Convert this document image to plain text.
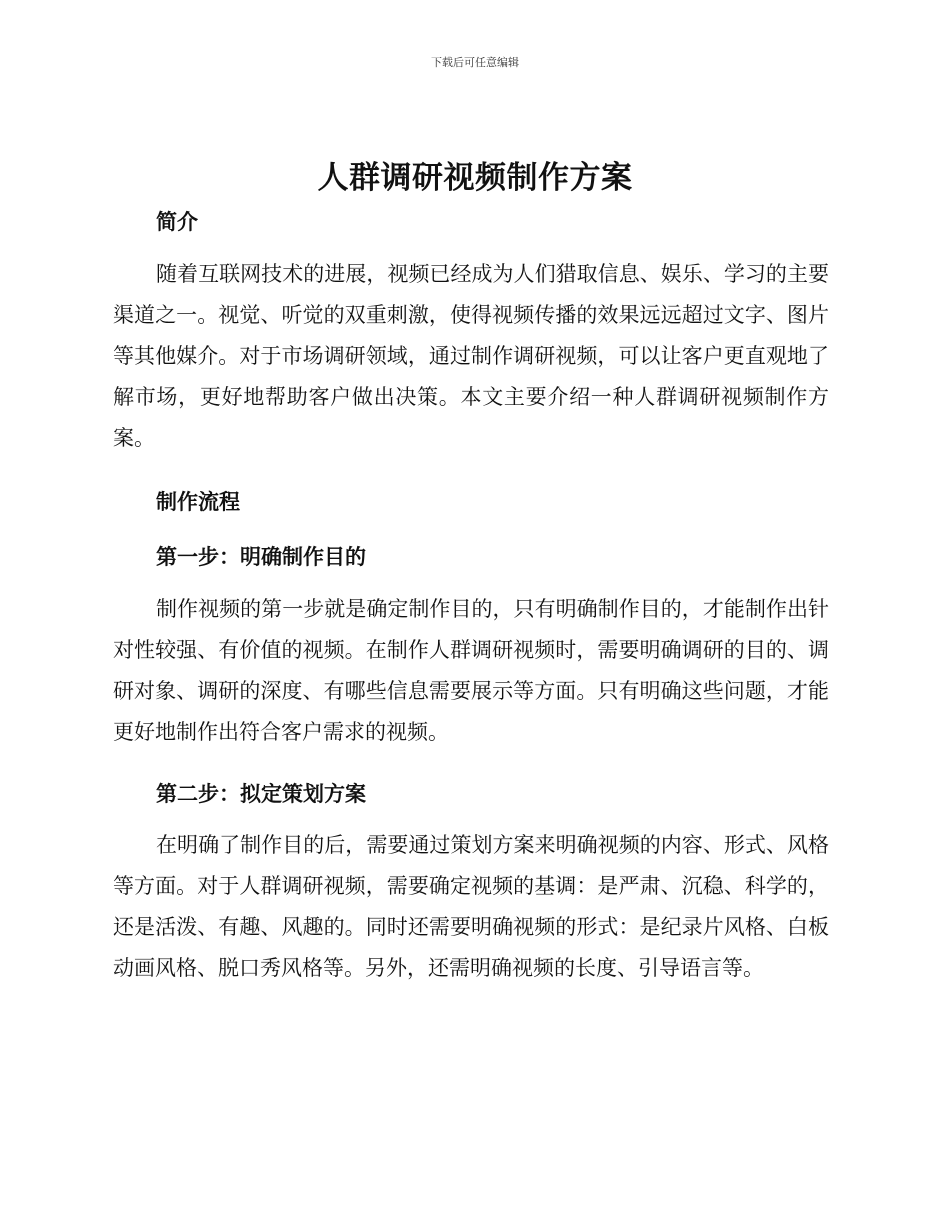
下载后可任意编辑
人群调研视频制作方案
简介

随着互联网技术的进展，视频已经成为人们猎取信息、娱乐、学习的主要渠道之一。视觉、听觉的双重刺激，使得视频传播的效果远远超过文字、图片等其他媒介。对于市场调研领域，通过制作调研视频，可以让客户更直观地了解市场，更好地帮助客户做出决策。本文主要介绍一种人群调研视频制作方案。

制作流程
第一步：明确制作目的

制作视频的第一步就是确定制作目的，只有明确制作目的，才能制作出针对性较强、有价值的视频。在制作人群调研视频时，需要明确调研的目的、调研对象、调研的深度、有哪些信息需要展示等方面。只有明确这些问题，才能更好地制作出符合客户需求的视频。

第二步：拟定策划方案

在明确了制作目的后，需要通过策划方案来明确视频的内容、形式、风格等方面。对于人群调研视频，需要确定视频的基调：是严肃、沉稳、科学的，还是活泼、有趣、风趣的。同时还需要明确视频的形式：是纪录片风格、白板动画风格、脱口秀风格等。另外，还需明确视频的长度、引导语言等。
